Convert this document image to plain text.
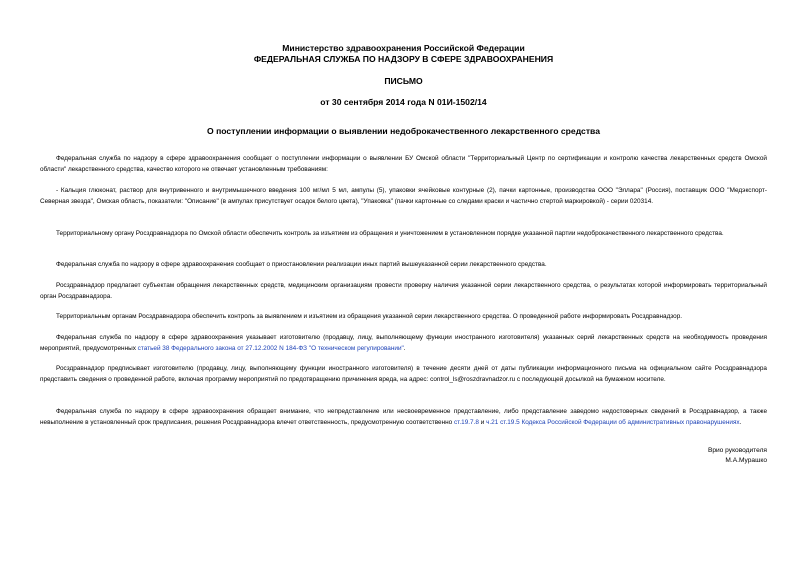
Министерство здравоохранения Российской Федерации
ФЕДЕРАЛЬНАЯ СЛУЖБА ПО НАДЗОРУ В СФЕРЕ ЗДРАВООХРАНЕНИЯ
ПИСЬМО
от 30 сентября 2014 года N 01И-1502/14
О поступлении информации о выявлении недоброкачественного лекарственного средства

Федеральная служба по надзору в сфере здравоохранения сообщает о поступлении информации о выявлении БУ Омской области "Территориальный Центр по сертификации и контролю качества лекарственных средств Омской области" лекарственного средства, качество которого не отвечает установленным требованиям:

- Кальция глюконат, раствор для внутривенного и внутримышечного введения 100 мг/мл 5 мл, ампулы (5), упаковки ячейковые контурные (2), пачки картонные, производства ООО "Эллара" (Россия), поставщик ООО "Медэкспорт-Северная звезда", Омская область, показатели: "Описание" (в ампулах присутствует осадок белого цвета), "Упаковка" (пачки картонные со следами краски и частично стертой маркировкой) - серии 020314.

Территориальному органу Росздравнадзора по Омской области обеспечить контроль за изъятием из обращения и уничтожением в установленном порядке указанной партии недоброкачественного лекарственного средства.

Федеральная служба по надзору в сфере здравоохранения сообщает о приостановлении реализации иных партий вышеуказанной серии лекарственного средства.

Росздравнадзор предлагает субъектам обращения лекарственных средств, медицинским организациям провести проверку наличия указанной серии лекарственного средства, о результатах которой информировать территориальный орган Росздравнадзора.

Территориальным органам Росздравнадзора обеспечить контроль за выявлением и изъятием из обращения указанной серии лекарственного средства. О проведенной работе информировать Росздравнадзор.

Федеральная служба по надзору в сфере здравоохранения указывает изготовителю (продавцу, лицу, выполняющему функции иностранного изготовителя) указанных серий лекарственных средств на необходимость проведения мероприятий, предусмотренных статьей 38 Федерального закона от 27.12.2002 N 184-ФЗ "О техническом регулировании".

Росздравнадзор предписывает изготовителю (продавцу, лицу, выполняющему функции иностранного изготовителя) в течение десяти дней от даты публикации информационного письма на официальном сайте Росздравнадзора представить сведения о проведенной работе, включая программу мероприятий по предотвращению причинения вреда, на адрес: control_ls@roszdravnadzor.ru с последующей досылкой на бумажном носителе.

Федеральная служба по надзору в сфере здравоохранения обращает внимание, что непредставление или несвоевременное представление, либо представление заведомо недостоверных сведений в Росздравнадзор, а также невыполнение в установленный срок предписания, решения Росздравнадзора влечет ответственность, предусмотренную соответственно ст.19.7.8 и ч.21 ст.19.5 Кодекса Российской Федерации об административных правонарушениях.

Врио руководителя
М.А.Мурашко
